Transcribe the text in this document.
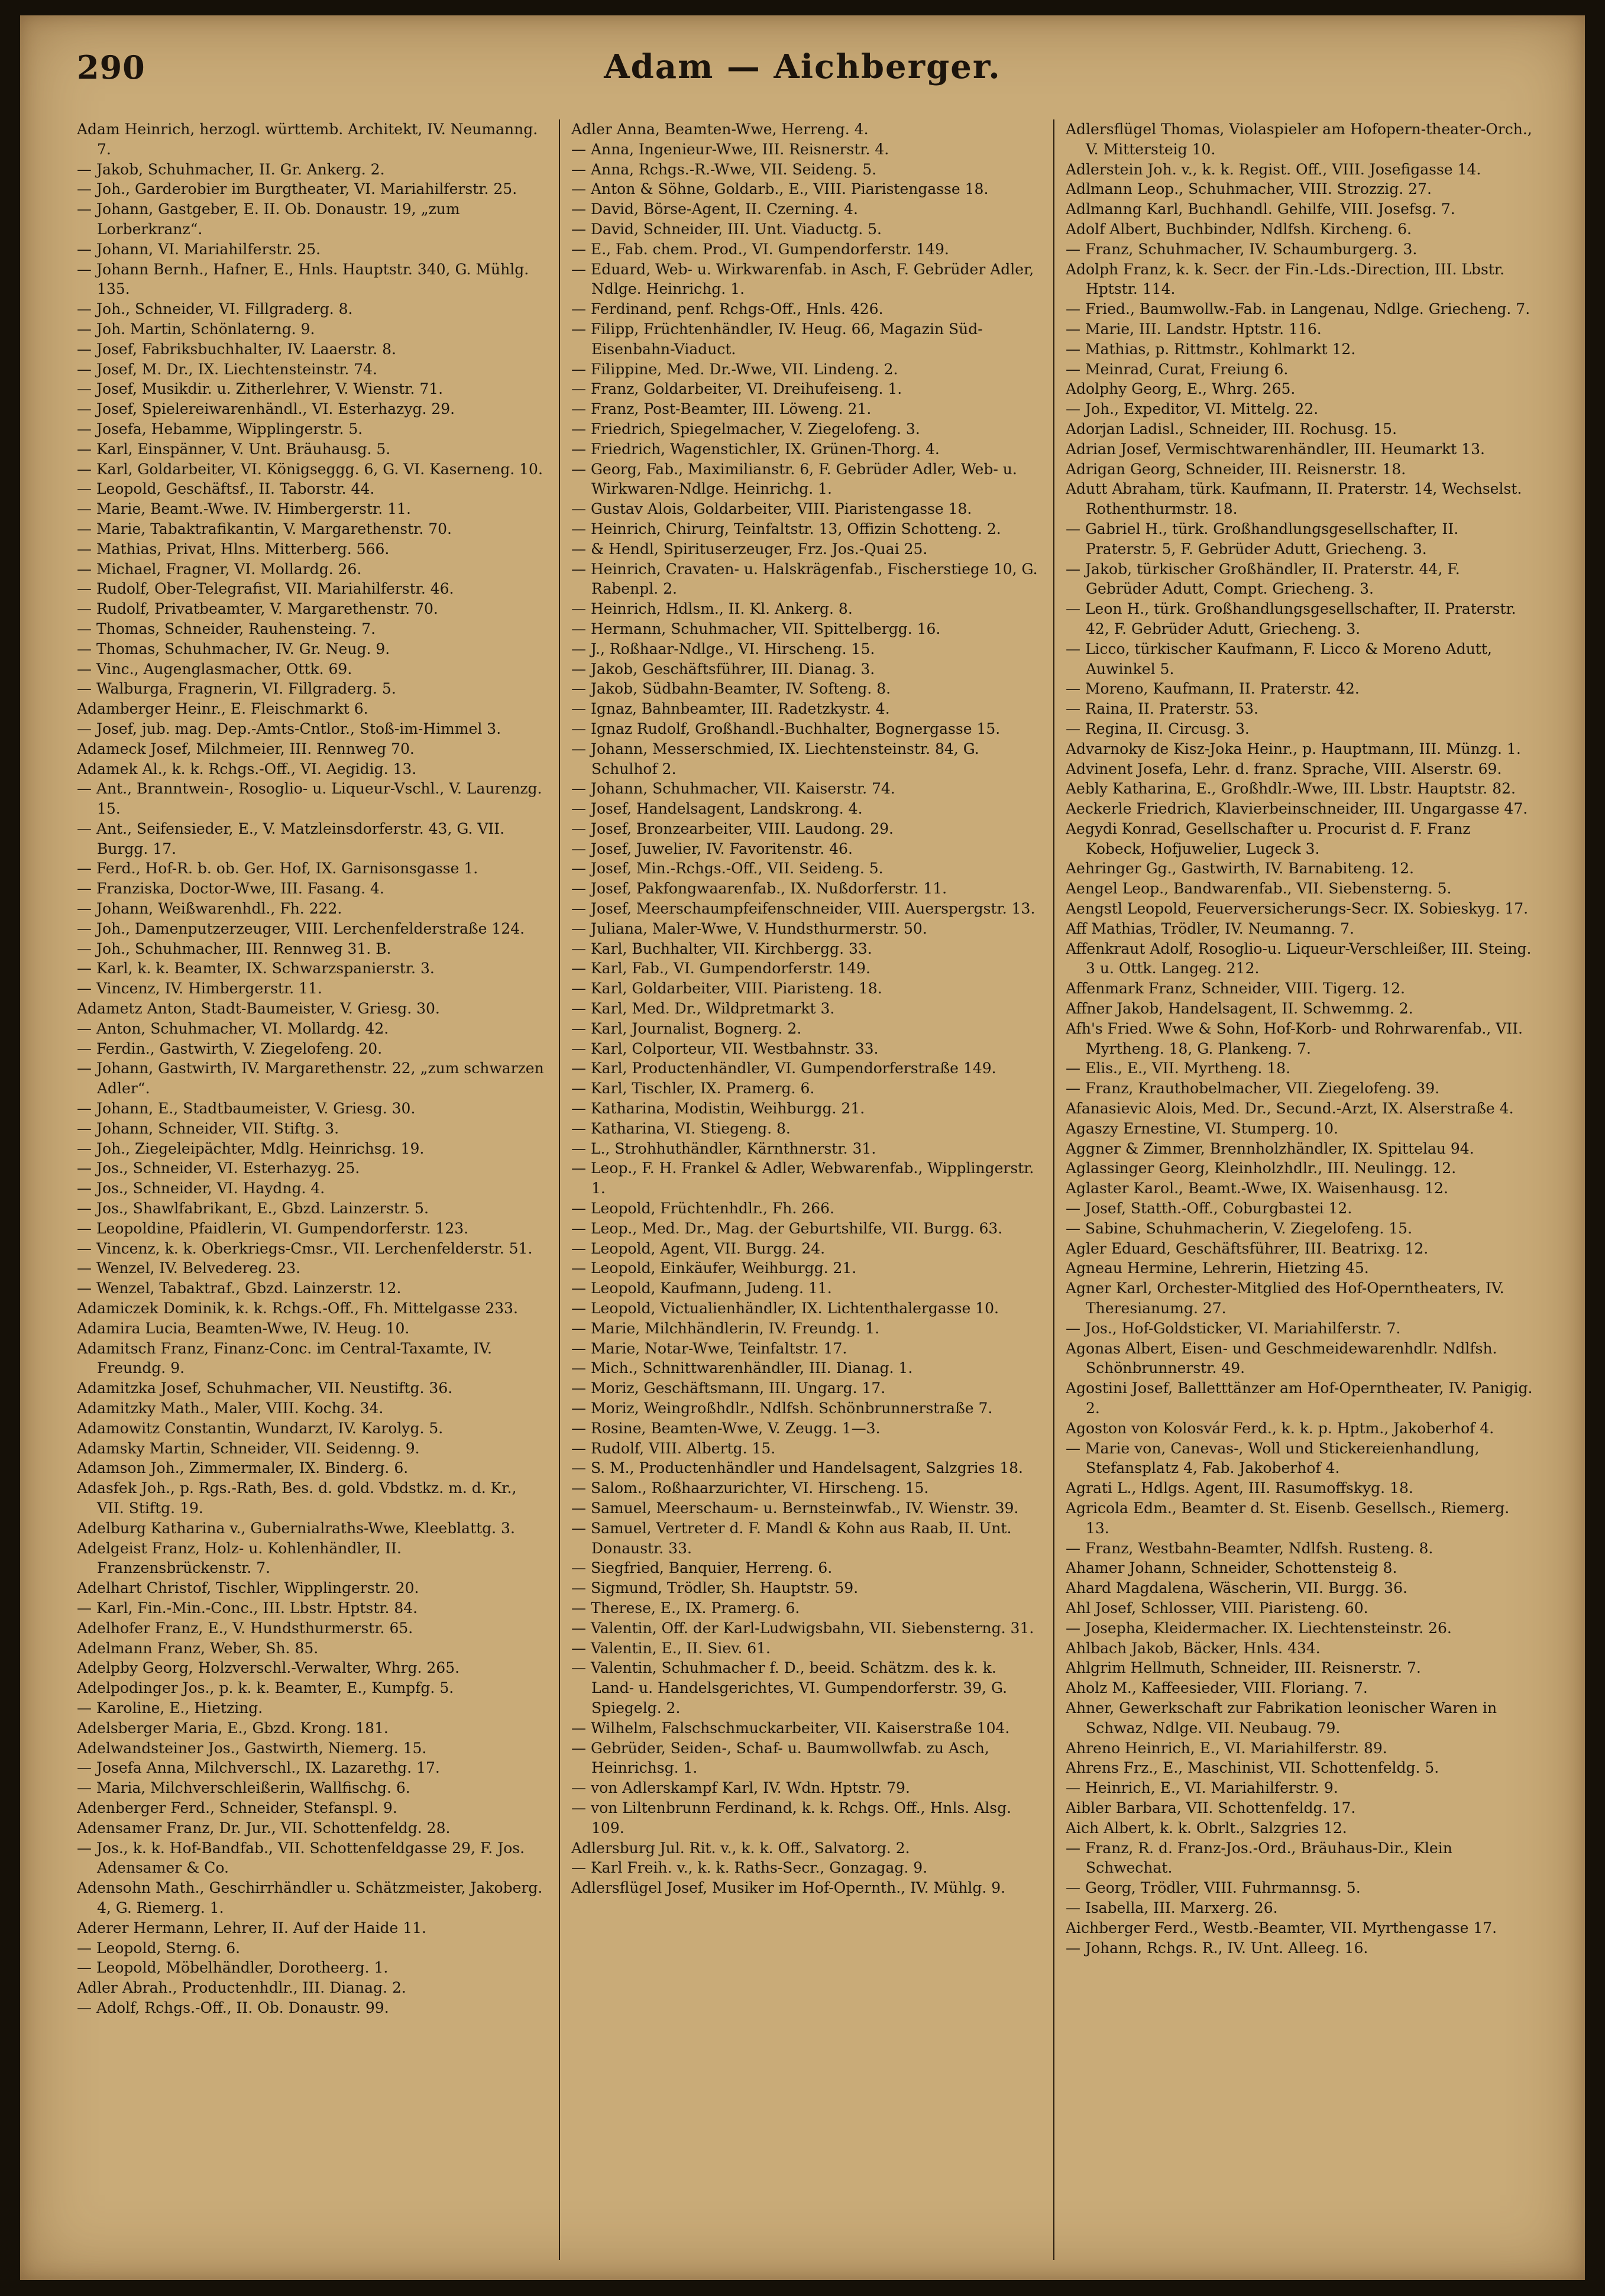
290	Adam — Aichberger.

Adam Heinrich, herzogl. württemb. Architekt, IV. Neumanng. 7.

— Jakob, Schuhmacher, II. Gr. Ankerg. 2.

— Joh., Garderobier im Burgtheater, VI. Mariahilferstr. 25.

— Johann, Gastgeber, E. II. Ob. Donaustr. 19, „zum Lorberkranz“.

— Johann, VI. Mariahilferstr. 25.

— Johann Bernh., Hafner, E., Hnls. Hauptstr. 340, G. Mühlg. 135.

— Joh., Schneider, VI. Fillgraderg. 8.

— Joh. Martin, Schönlaterng. 9.

— Josef, Fabriksbuchhalter, IV. Laaerstr. 8.

— Josef, M. Dr., IX. Liechtensteinstr. 74.

— Josef, Musikdir. u. Zitherlehrer, V. Wienstr. 71.

— Josef, Spielereiwarenhändl., VI. Esterhazyg. 29.

— Josefa, Hebamme, Wipplingerstr. 5.

— Karl, Einspänner, V. Unt. Bräuhausg. 5.

— Karl, Goldarbeiter, VI. Königseggg. 6, G. VI. Kaserneng. 10.

— Leopold, Geschäftsf., II. Taborstr. 44.

— Marie, Beamt.-Wwe. IV. Himbergerstr. 11.

— Marie, Tabaktrafikantin, V. Margarethenstr. 70.

— Mathias, Privat, Hlns. Mitterberg. 566.

— Michael, Fragner, VI. Mollardg. 26.

— Rudolf, Ober-Telegrafist, VII. Mariahilferstr. 46.

— Rudolf, Privatbeamter, V. Margarethenstr. 70.

— Thomas, Schneider, Rauhensteing. 7.

— Thomas, Schuhmacher, IV. Gr. Neug. 9.

— Vinc., Augenglasmacher, Ottk. 69.

— Walburga, Fragnerin, VI. Fillgraderg. 5.

Adamberger Heinr., E. Fleischmarkt 6.

— Josef, jub. mag. Dep.-Amts-Cntlor., Stoß-im-Himmel 3.

Adameck Josef, Milchmeier, III. Rennweg 70.

Adamek Al., k. k. Rchgs.-Off., VI. Aegidig. 13.

— Ant., Branntwein-, Rosoglio- u. Liqueur-Vschl., V. Laurenzg. 15.

— Ant., Seifensieder, E., V. Matzleinsdorferstr. 43, G. VII. Burgg. 17.

— Ferd., Hof-R. b. ob. Ger. Hof, IX. Garnisonsgasse 1.

— Franziska, Doctor-Wwe, III. Fasang. 4.

— Johann, Weißwarenhdl., Fh. 222.

— Joh., Damenputzerzeuger, VIII. Lerchenfelderstraße 124.

— Joh., Schuhmacher, III. Rennweg 31. B.

— Karl, k. k. Beamter, IX. Schwarzspanierstr. 3.

— Vincenz, IV. Himbergerstr. 11.

Adametz Anton, Stadt-Baumeister, V. Griesg. 30.

— Anton, Schuhmacher, VI. Mollardg. 42.

— Ferdin., Gastwirth, V. Ziegelofeng. 20.

— Johann, Gastwirth, IV. Margarethenstr. 22, „zum schwarzen Adler“.

— Johann, E., Stadtbaumeister, V. Griesg. 30.

— Johann, Schneider, VII. Stiftg. 3.

— Joh., Ziegeleipächter, Mdlg. Heinrichsg. 19.

— Jos., Schneider, VI. Esterhazyg. 25.

— Jos., Schneider, VI. Haydng. 4.

— Jos., Shawlfabrikant, E., Gbzd. Lainzerstr. 5.

— Leopoldine, Pfaidlerin, VI. Gumpendorferstr. 123.

— Vincenz, k. k. Oberkriegs-Cmsr., VII. Lerchenfelderstr. 51.

— Wenzel, IV. Belvedereg. 23.

— Wenzel, Tabaktraf., Gbzd. Lainzerstr. 12.

Adamiczek Dominik, k. k. Rchgs.-Off., Fh. Mittelgasse 233.

Adamira Lucia, Beamten-Wwe, IV. Heug. 10.

Adamitsch Franz, Finanz-Conc. im Central-Taxamte, IV. Freundg. 9.

Adamitzka Josef, Schuhmacher, VII. Neustiftg. 36.

Adamitzky Math., Maler, VIII. Kochg. 34.

Adamowitz Constantin, Wundarzt, IV. Karolyg. 5.

Adamsky Martin, Schneider, VII. Seidenng. 9.

Adamson Joh., Zimmermaler, IX. Binderg. 6.

Adasfek Joh., p. Rgs.-Rath, Bes. d. gold. Vbdstkz. m. d. Kr., VII. Stiftg. 19.

Adelburg Katharina v., Gubernialraths-Wwe, Kleeblattg. 3.

Adelgeist Franz, Holz- u. Kohlenhändler, II. Franzensbrückenstr. 7.

Adelhart Christof, Tischler, Wipplingerstr. 20.

— Karl, Fin.-Min.-Conc., III. Lbstr. Hptstr. 84.

Adelhofer Franz, E., V. Hundsthurmerstr. 65.

Adelmann Franz, Weber, Sh. 85.

Adelpby Georg, Holzverschl.-Verwalter, Whrg. 265.

Adelpodinger Jos., p. k. k. Beamter, E., Kumpfg. 5.

— Karoline, E., Hietzing.

Adelsberger Maria, E., Gbzd. Krong. 181.

Adelwandsteiner Jos., Gastwirth, Niemerg. 15.

— Josefa Anna, Milchverschl., IX. Lazarethg. 17.

— Maria, Milchverschleißerin, Wallfischg. 6.

Adenberger Ferd., Schneider, Stefanspl. 9.

Adensamer Franz, Dr. Jur., VII. Schottenfeldg. 28.

— Jos., k. k. Hof-Bandfab., VII. Schottenfeldgasse 29, F. Jos. Adensamer & Co.

Adensohn Math., Geschirrhändler u. Schätzmeister, Jakoberg. 4, G. Riemerg. 1.

Aderer Hermann, Lehrer, II. Auf der Haide 11.

— Leopold, Sterng. 6.

— Leopold, Möbelhändler, Dorotheerg. 1.

Adler Abrah., Productenhdlr., III. Dianag. 2.

— Adolf, Rchgs.-Off., II. Ob. Donaustr. 99.

Adler Anna, Beamten-Wwe, Herreng. 4.

— Anna, Ingenieur-Wwe, III. Reisnerstr. 4.

— Anna, Rchgs.-R.-Wwe, VII. Seideng. 5.

— Anton & Söhne, Goldarb., E., VIII. Piaristengasse 18.

— David, Börse-Agent, II. Czerning. 4.

— David, Schneider, III. Unt. Viaductg. 5.

— E., Fab. chem. Prod., VI. Gumpendorferstr. 149.

— Eduard, Web- u. Wirkwarenfab. in Asch, F. Gebrüder Adler, Ndlge. Heinrichg. 1.

— Ferdinand, penf. Rchgs-Off., Hnls. 426.

— Filipp, Früchtenhändler, IV. Heug. 66, Magazin Süd-Eisenbahn-Viaduct.

— Filippine, Med. Dr.-Wwe, VII. Lindeng. 2.

— Franz, Goldarbeiter, VI. Dreihufeiseng. 1.

— Franz, Post-Beamter, III. Löweng. 21.

— Friedrich, Spiegelmacher, V. Ziegelofeng. 3.

— Friedrich, Wagenstichler, IX. Grünen-Thorg. 4.

— Georg, Fab., Maximilianstr. 6, F. Gebrüder Adler, Web- u. Wirkwaren-Ndlge. Heinrichg. 1.

— Gustav Alois, Goldarbeiter, VIII. Piaristengasse 18.

— Heinrich, Chirurg, Teinfaltstr. 13, Offizin Schotteng. 2.

— & Hendl, Spirituserzeuger, Frz. Jos.-Quai 25.

— Heinrich, Cravaten- u. Halskrägenfab., Fischerstiege 10, G. Rabenpl. 2.

— Heinrich, Hdlsm., II. Kl. Ankerg. 8.

— Hermann, Schuhmacher, VII. Spittelbergg. 16.

— J., Roßhaar-Ndlge., VI. Hirscheng. 15.

— Jakob, Geschäftsführer, III. Dianag. 3.

— Jakob, Südbahn-Beamter, IV. Softeng. 8.

— Ignaz, Bahnbeamter, III. Radetzkystr. 4.

— Ignaz Rudolf, Großhandl.-Buchhalter, Bognergasse 15.

— Johann, Messerschmied, IX. Liechtensteinstr. 84, G. Schulhof 2.

— Johann, Schuhmacher, VII. Kaiserstr. 74.

— Josef, Handelsagent, Landskrong. 4.

— Josef, Bronzearbeiter, VIII. Laudong. 29.

— Josef, Juwelier, IV. Favoritenstr. 46.

— Josef, Min.-Rchgs.-Off., VII. Seideng. 5.

— Josef, Pakfongwaarenfab., IX. Nußdorferstr. 11.

— Josef, Meerschaumpfeifenschneider, VIII. Auerspergstr. 13.

— Juliana, Maler-Wwe, V. Hundsthurmerstr. 50.

— Karl, Buchhalter, VII. Kirchbergg. 33.

— Karl, Fab., VI. Gumpendorferstr. 149.

— Karl, Goldarbeiter, VIII. Piaristeng. 18.

— Karl, Med. Dr., Wildpretmarkt 3.

— Karl, Journalist, Bognerg. 2.

— Karl, Colporteur, VII. Westbahnstr. 33.

— Karl, Productenhändler, VI. Gumpendorferstraße 149.

— Karl, Tischler, IX. Pramerg. 6.

— Katharina, Modistin, Weihburgg. 21.

— Katharina, VI. Stiegeng. 8.

— L., Strohhuthändler, Kärnthnerstr. 31.

— Leop., F. H. Frankel & Adler, Webwarenfab., Wipplingerstr. 1.

— Leopold, Früchtenhdlr., Fh. 266.

— Leop., Med. Dr., Mag. der Geburtshilfe, VII. Burgg. 63.

— Leopold, Agent, VII. Burgg. 24.

— Leopold, Einkäufer, Weihburgg. 21.

— Leopold, Kaufmann, Judeng. 11.

— Leopold, Victualienhändler, IX. Lichtenthalergasse 10.

— Marie, Milchhändlerin, IV. Freundg. 1.

— Marie, Notar-Wwe, Teinfaltstr. 17.

— Mich., Schnittwarenhändler, III. Dianag. 1.

— Moriz, Geschäftsmann, III. Ungarg. 17.

— Moriz, Weingroßhdlr., Ndlfsh. Schönbrunnerstraße 7.

— Rosine, Beamten-Wwe, V. Zeugg. 1—3.

— Rudolf, VIII. Albertg. 15.

— S. M., Productenhändler und Handelsagent, Salzgries 18.

— Salom., Roßhaarzurichter, VI. Hirscheng. 15.

— Samuel, Meerschaum- u. Bernsteinwfab., IV. Wienstr. 39.

— Samuel, Vertreter d. F. Mandl & Kohn aus Raab, II. Unt. Donaustr. 33.

— Siegfried, Banquier, Herreng. 6.

— Sigmund, Trödler, Sh. Hauptstr. 59.

— Therese, E., IX. Pramerg. 6.

— Valentin, Off. der Karl-Ludwigsbahn, VII. Siebensterng. 31.

— Valentin, E., II. Siev. 61.

— Valentin, Schuhmacher f. D., beeid. Schätzm. des k. k. Land- u. Handelsgerichtes, VI. Gumpendorferstr. 39, G. Spiegelg. 2.

— Wilhelm, Falschschmuckarbeiter, VII. Kaiserstraße 104.

— Gebrüder, Seiden-, Schaf- u. Baumwollwfab. zu Asch, Heinrichsg. 1.

— von Adlerskampf Karl, IV. Wdn. Hptstr. 79.

— von Liltenbrunn Ferdinand, k. k. Rchgs. Off., Hnls. Alsg. 109.

Adlersburg Jul. Rit. v., k. k. Off., Salvatorg. 2.

— Karl Freih. v., k. k. Raths-Secr., Gonzagag. 9.

Adlersflügel Josef, Musiker im Hof-Opernth., IV. Mühlg. 9.

Adlersflügel Thomas, Violaspieler am Hofopern-theater-Orch., V. Mittersteig 10.

Adlerstein Joh. v., k. k. Regist. Off., VIII. Josefigasse 14.

Adlmann Leop., Schuhmacher, VIII. Strozzig. 27.

Adlmanng Karl, Buchhandl. Gehilfe, VIII. Josefsg. 7.

Adolf Albert, Buchbinder, Ndlfsh. Kircheng. 6.

— Franz, Schuhmacher, IV. Schaumburgerg. 3.

Adolph Franz, k. k. Secr. der Fin.-Lds.-Direction, III. Lbstr. Hptstr. 114.

— Fried., Baumwollw.-Fab. in Langenau, Ndlge. Griecheng. 7.

— Marie, III. Landstr. Hptstr. 116.

— Mathias, p. Rittmstr., Kohlmarkt 12.

— Meinrad, Curat, Freiung 6.

Adolphy Georg, E., Whrg. 265.

— Joh., Expeditor, VI. Mittelg. 22.

Adorjan Ladisl., Schneider, III. Rochusg. 15.

Adrian Josef, Vermischtwarenhändler, III. Heumarkt 13.

Adrigan Georg, Schneider, III. Reisnerstr. 18.

Adutt Abraham, türk. Kaufmann, II. Praterstr. 14, Wechselst. Rothenthurmstr. 18.

— Gabriel H., türk. Großhandlungsgesellschafter, II. Praterstr. 5, F. Gebrüder Adutt, Griecheng. 3.

— Jakob, türkischer Großhändler, II. Praterstr. 44, F. Gebrüder Adutt, Compt. Griecheng. 3.

— Leon H., türk. Großhandlungsgesellschafter, II. Praterstr. 42, F. Gebrüder Adutt, Griecheng. 3.

— Licco, türkischer Kaufmann, F. Licco & Moreno Adutt, Auwinkel 5.

— Moreno, Kaufmann, II. Praterstr. 42.

— Raina, II. Praterstr. 53.

— Regina, II. Circusg. 3.

Advarnoky de Kisz-Joka Heinr., p. Hauptmann, III. Münzg. 1.

Advinent Josefa, Lehr. d. franz. Sprache, VIII. Alserstr. 69.

Aebly Katharina, E., Großhdlr.-Wwe, III. Lbstr. Hauptstr. 82.

Aeckerle Friedrich, Klavierbeinschneider, III. Ungargasse 47.

Aegydi Konrad, Gesellschafter u. Procurist d. F. Franz Kobeck, Hofjuwelier, Lugeck 3.

Aehringer Gg., Gastwirth, IV. Barnabiteng. 12.

Aengel Leop., Bandwarenfab., VII. Siebensterng. 5.

Aengstl Leopold, Feuerversicherungs-Secr. IX. Sobieskyg. 17.

Aff Mathias, Trödler, IV. Neumanng. 7.

Affenkraut Adolf, Rosoglio-u. Liqueur-Verschleißer, III. Steing. 3 u. Ottk. Langeg. 212.

Affenmark Franz, Schneider, VIII. Tigerg. 12.

Affner Jakob, Handelsagent, II. Schwemmg. 2.

Afh's Fried. Wwe & Sohn, Hof-Korb- und Rohrwarenfab., VII. Myrtheng. 18, G. Plankeng. 7.

— Elis., E., VII. Myrtheng. 18.

— Franz, Krauthobelmacher, VII. Ziegelofeng. 39.

Afanasievic Alois, Med. Dr., Secund.-Arzt, IX. Alserstraße 4.

Agaszy Ernestine, VI. Stumperg. 10.

Aggner & Zimmer, Brennholzhändler, IX. Spittelau 94.

Aglassinger Georg, Kleinholzhdlr., III. Neulingg. 12.

Aglaster Karol., Beamt.-Wwe, IX. Waisenhausg. 12.

— Josef, Statth.-Off., Coburgbastei 12.

— Sabine, Schuhmacherin, V. Ziegelofeng. 15.

Agler Eduard, Geschäftsführer, III. Beatrixg. 12.

Agneau Hermine, Lehrerin, Hietzing 45.

Agner Karl, Orchester-Mitglied des Hof-Operntheaters, IV. Theresianumg. 27.

— Jos., Hof-Goldsticker, VI. Mariahilferstr. 7.

Agonas Albert, Eisen- und Geschmeidewarenhdlr. Ndlfsh. Schönbrunnerstr. 49.

Agostini Josef, Balletttänzer am Hof-Operntheater, IV. Panigig. 2.

Agoston von Kolosvár Ferd., k. k. p. Hptm., Jakoberhof 4.

— Marie von, Canevas-, Woll und Stickereienhandlung, Stefansplatz 4, Fab. Jakoberhof 4.

Agrati L., Hdlgs. Agent, III. Rasumoffskyg. 18.

Agricola Edm., Beamter d. St. Eisenb. Gesellsch., Riemerg. 13.

— Franz, Westbahn-Beamter, Ndlfsh. Rusteng. 8.

Ahamer Johann, Schneider, Schottensteig 8.

Ahard Magdalena, Wäscherin, VII. Burgg. 36.

Ahl Josef, Schlosser, VIII. Piaristeng. 60.

— Josepha, Kleidermacher. IX. Liechtensteinstr. 26.

Ahlbach Jakob, Bäcker, Hnls. 434.

Ahlgrim Hellmuth, Schneider, III. Reisnerstr. 7.

Aholz M., Kaffeesieder, VIII. Floriang. 7.

Ahner, Gewerkschaft zur Fabrikation leonischer Waren in Schwaz, Ndlge. VII. Neubaug. 79.

Ahreno Heinrich, E., VI. Mariahilferstr. 89.

Ahrens Frz., E., Maschinist, VII. Schottenfeldg. 5.

— Heinrich, E., VI. Mariahilferstr. 9.

Aibler Barbara, VII. Schottenfeldg. 17.

Aich Albert, k. k. Obrlt., Salzgries 12.

— Franz, R. d. Franz-Jos.-Ord., Bräuhaus-Dir., Klein Schwechat.

— Georg, Trödler, VIII. Fuhrmannsg. 5.

— Isabella, III. Marxerg. 26.

Aichberger Ferd., Westb.-Beamter, VII. Myrthengasse 17.

— Johann, Rchgs. R., IV. Unt. Alleeg. 16.
